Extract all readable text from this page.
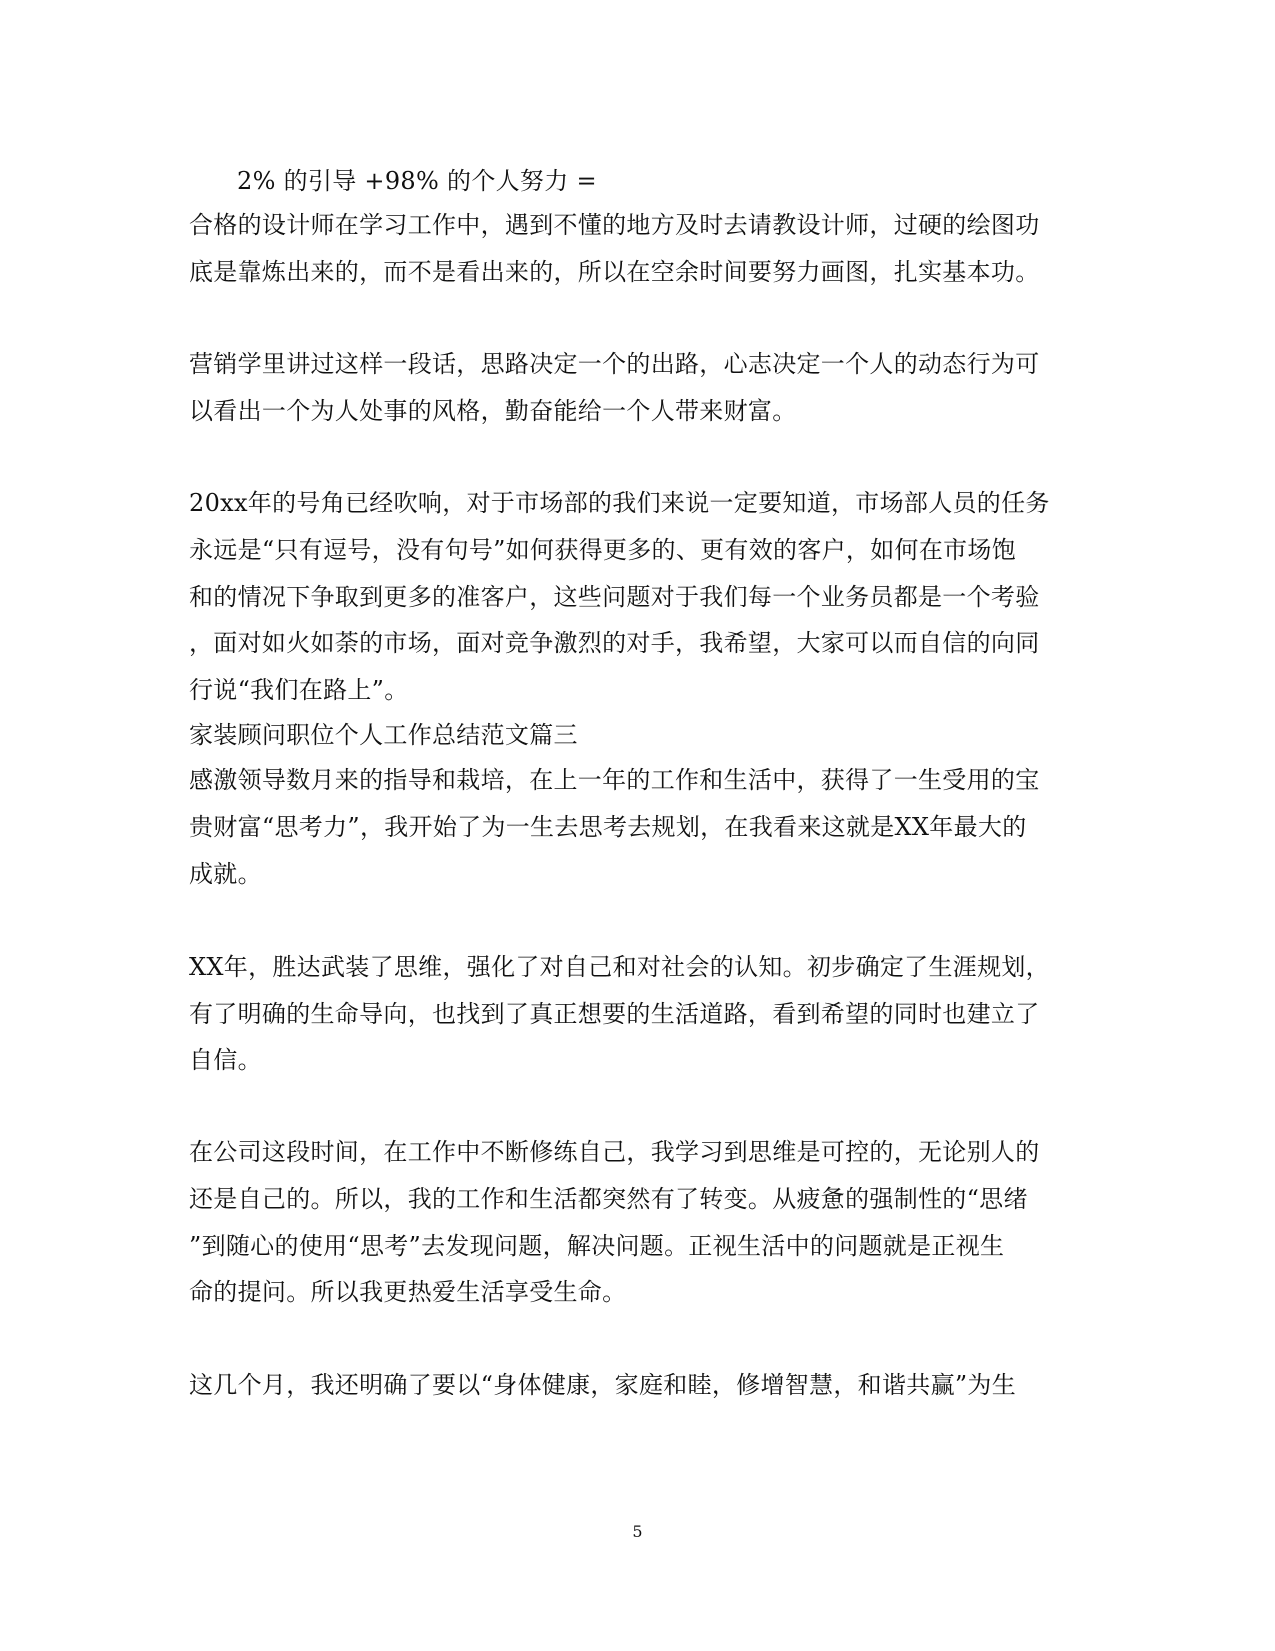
2% 的引导 +98% 的个人努力 =
合格的设计师在学习工作中，遇到不懂的地方及时去请教设计师，过硬的绘图功
底是靠炼出来的，而不是看出来的，所以在空余时间要努力画图，扎实基本功。
营销学里讲过这样一段话，思路决定一个的出路，心志决定一个人的动态行为可
以看出一个为人处事的风格，勤奋能给一个人带来财富。
20xx年的号角已经吹响，对于市场部的我们来说一定要知道，市场部人员的任务
永远是“只有逗号，没有句号”如何获得更多的、更有效的客户，如何在市场饱
和的情况下争取到更多的准客户，这些问题对于我们每一个业务员都是一个考验
，面对如火如荼的市场，面对竞争激烈的对手，我希望，大家可以而自信的向同
行说“我们在路上”。
家装顾问职位个人工作总结范文篇三
感激领导数月来的指导和栽培，在上一年的工作和生活中，获得了一生受用的宝
贵财富“思考力”，我开始了为一生去思考去规划，在我看来这就是XX年最大的
成就。
XX年，胜达武装了思维，强化了对自己和对社会的认知。初步确定了生涯规划，
有了明确的生命导向，也找到了真正想要的生活道路，看到希望的同时也建立了
自信。
在公司这段时间，在工作中不断修练自己，我学习到思维是可控的，无论别人的
还是自己的。所以，我的工作和生活都突然有了转变。从疲惫的强制性的“思绪
”到随心的使用“思考”去发现问题，解决问题。正视生活中的问题就是正视生
命的提问。所以我更热爱生活享受生命。
这几个月，我还明确了要以“身体健康，家庭和睦，修增智慧，和谐共赢”为生
5
